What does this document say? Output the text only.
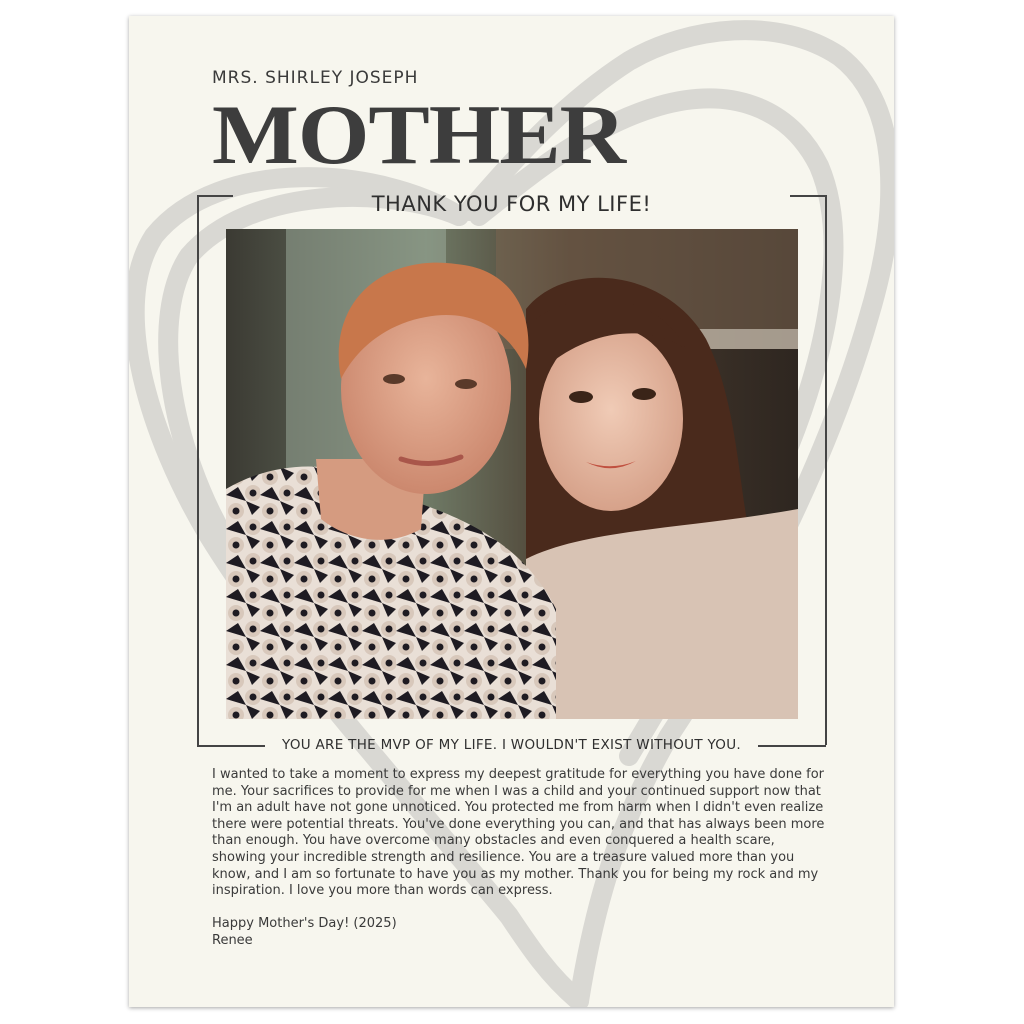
MRS. SHIRLEY JOSEPH
MOTHER
THANK YOU FOR MY LIFE!
YOU ARE THE MVP OF MY LIFE. I WOULDN'T EXIST WITHOUT YOU.
I wanted to take a moment to express my deepest gratitude for everything you have done for me. Your sacrifices to provide for me when I was a child and your continued support now that I'm an adult have not gone unnoticed. You protected me from harm when I didn't even realize there were potential threats. You've done everything you can, and that has always been more than enough. You have overcome many obstacles and even conquered a health scare, showing your incredible strength and resilience. You are a treasure valued more than you know, and I am so fortunate to have you as my mother. Thank you for being my rock and my inspiration. I love you more than words can express.
Happy Mother's Day! (2025)
Renee
